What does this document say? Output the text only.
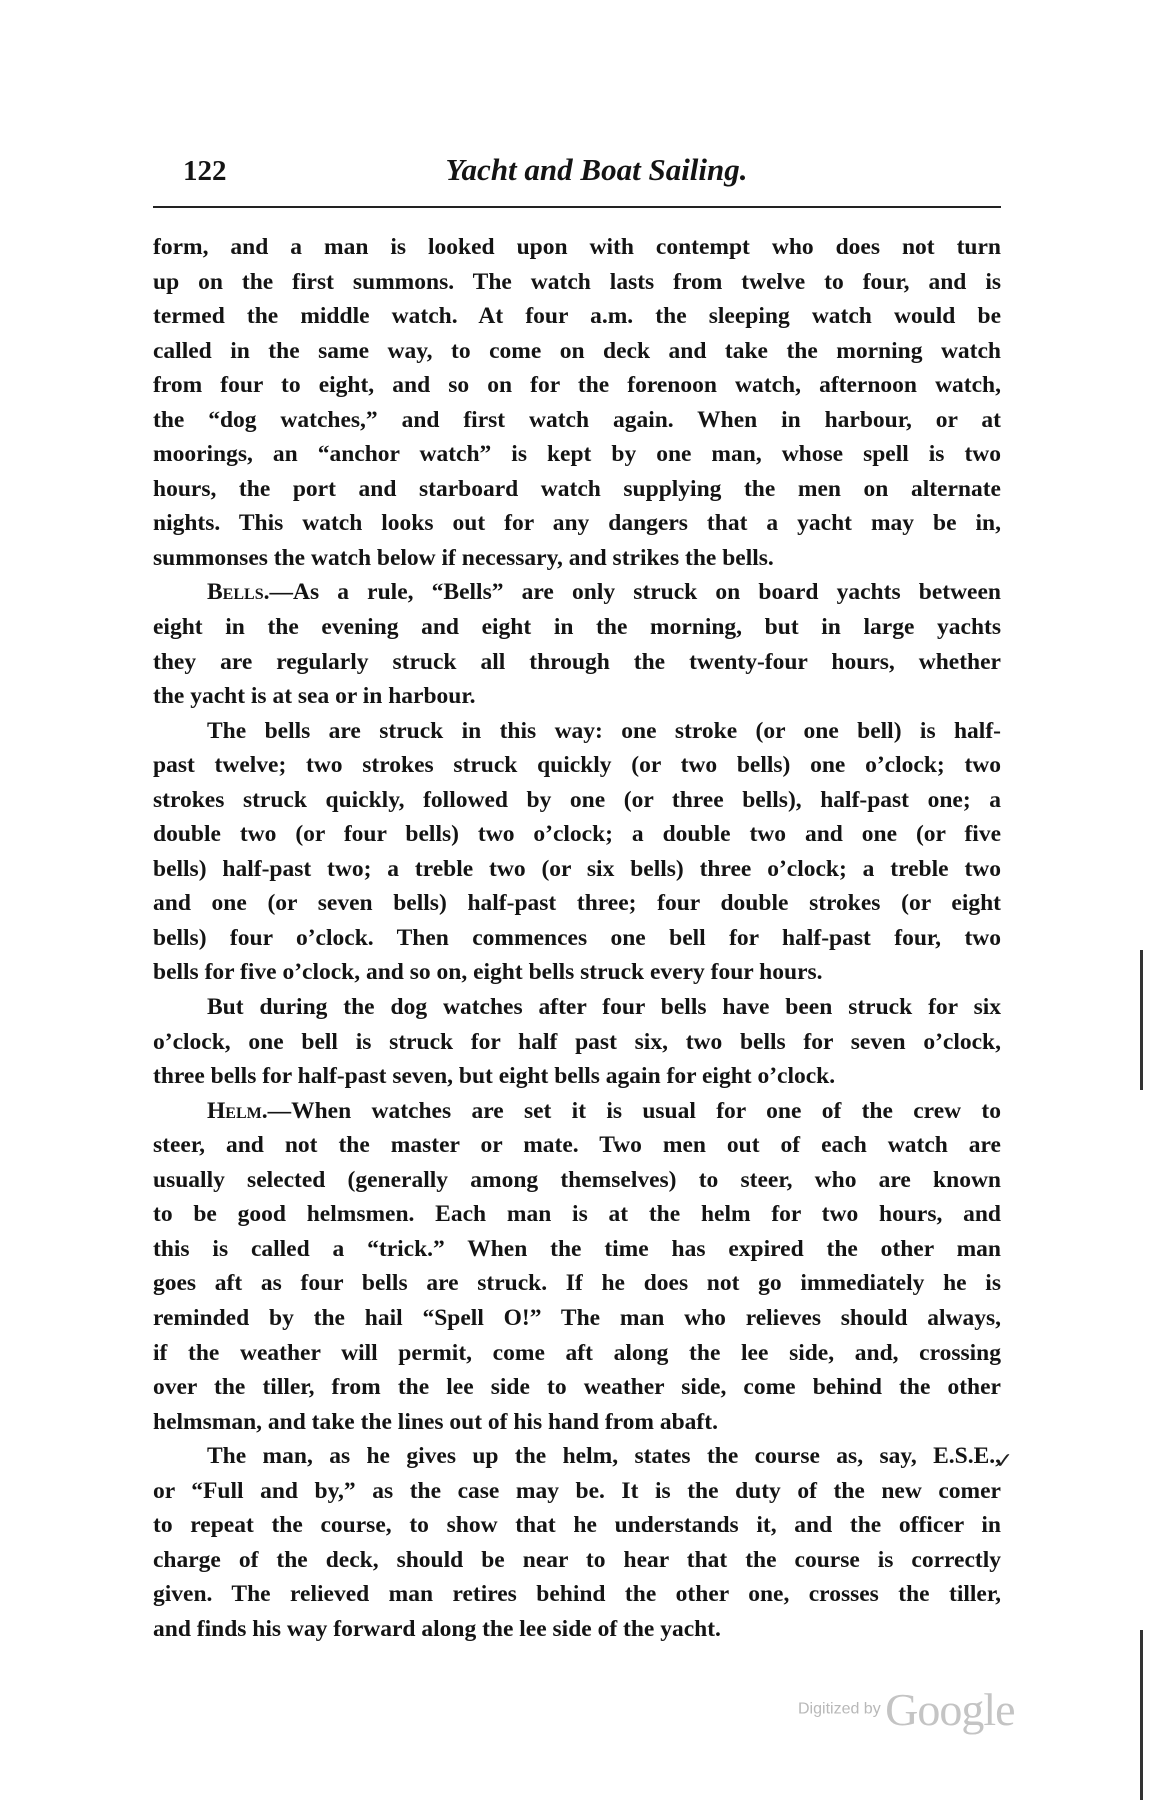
122	Yacht and Boat Sailing.
form, and a man is looked upon with contempt who does not turn
up on the first summons. The watch lasts from twelve to four, and is
termed the middle watch. At four a.m. the sleeping watch would be
called in the same way, to come on deck and take the morning watch
from four to eight, and so on for the forenoon watch, afternoon watch,
the “dog watches,” and first watch again. When in harbour, or at
moorings, an “anchor watch” is kept by one man, whose spell is two
hours, the port and starboard watch supplying the men on alternate
nights. This watch looks out for any dangers that a yacht may be in,
summonses the watch below if necessary, and strikes the bells.
Bells.—As a rule, “Bells” are only struck on board yachts between
eight in the evening and eight in the morning, but in large yachts
they are regularly struck all through the twenty-four hours, whether
the yacht is at sea or in harbour.
The bells are struck in this way: one stroke (or one bell) is half-
past twelve; two strokes struck quickly (or two bells) one o’clock; two
strokes struck quickly, followed by one (or three bells), half-past one; a
double two (or four bells) two o’clock; a double two and one (or five
bells) half-past two; a treble two (or six bells) three o’clock; a treble two
and one (or seven bells) half-past three; four double strokes (or eight
bells) four o’clock. Then commences one bell for half-past four, two
bells for five o’clock, and so on, eight bells struck every four hours.
But during the dog watches after four bells have been struck for six
o’clock, one bell is struck for half past six, two bells for seven o’clock,
three bells for half-past seven, but eight bells again for eight o’clock.
Helm.—When watches are set it is usual for one of the crew to
steer, and not the master or mate. Two men out of each watch are
usually selected (generally among themselves) to steer, who are known
to be good helmsmen. Each man is at the helm for two hours, and
this is called a “trick.” When the time has expired the other man
goes aft as four bells are struck. If he does not go immediately he is
reminded by the hail “Spell O!” The man who relieves should always,
if the weather will permit, come aft along the lee side, and, crossing
over the tiller, from the lee side to weather side, come behind the other
helmsman, and take the lines out of his hand from abaft.
The man, as he gives up the helm, states the course as, say, E.S.E.,
or “Full and by,” as the case may be. It is the duty of the new comer
to repeat the course, to show that he understands it, and the officer in
charge of the deck, should be near to hear that the course is correctly
given. The relieved man retires behind the other one, crosses the tiller,
and finds his way forward along the lee side of the yacht.
✓
Digitized by Google
